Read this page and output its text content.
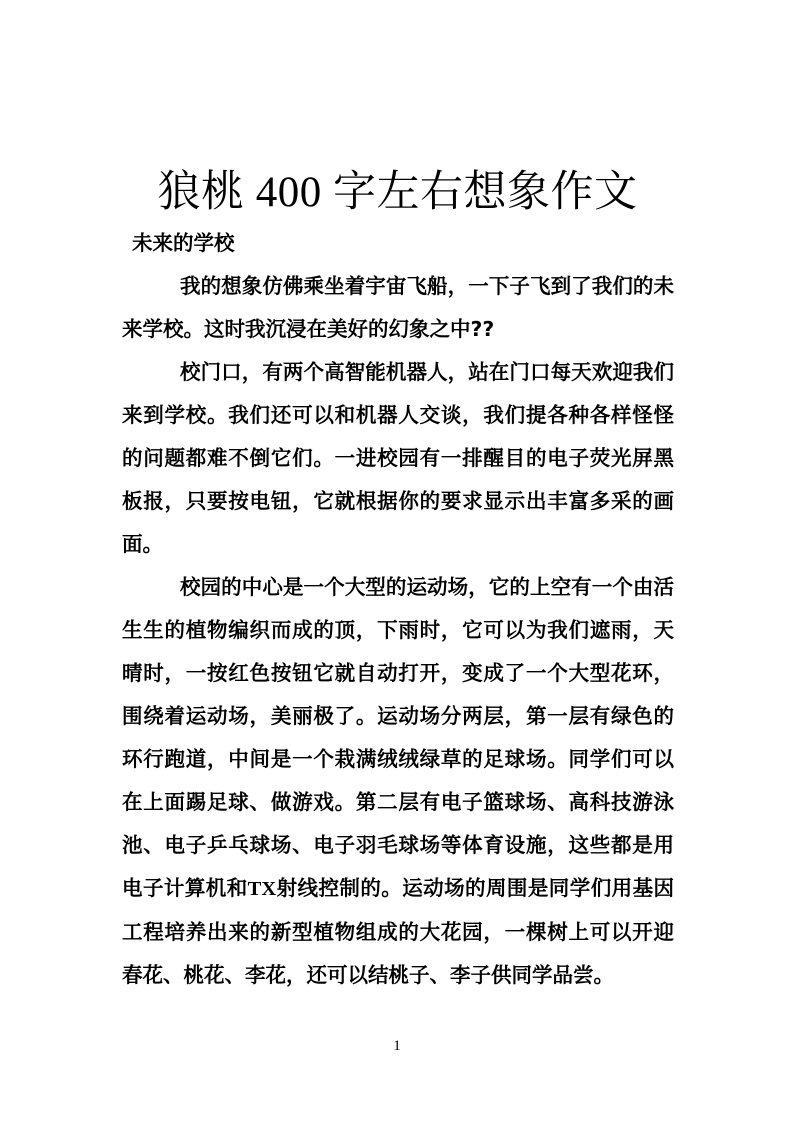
狼桃 400 字左右想象作文

未来的学校

我的想象仿佛乘坐着宇宙飞船，一下子飞到了我们的未来学校。这时我沉浸在美好的幻象之中??

校门口，有两个高智能机器人，站在门口每天欢迎我们来到学校。我们还可以和机器人交谈，我们提各种各样怪怪的问题都难不倒它们。一进校园有一排醒目的电子荧光屏黑板报，只要按电钮，它就根据你的要求显示出丰富多采的画面。

校园的中心是一个大型的运动场，它的上空有一个由活生生的植物编织而成的顶，下雨时，它可以为我们遮雨，天晴时，一按红色按钮它就自动打开，变成了一个大型花环，围绕着运动场，美丽极了。运动场分两层，第一层有绿色的环行跑道，中间是一个栽满绒绒绿草的足球场。同学们可以在上面踢足球、做游戏。第二层有电子篮球场、高科技游泳池、电子乒乓球场、电子羽毛球场等体育设施，这些都是用电子计算机和TX射线控制的。运动场的周围是同学们用基因工程培养出来的新型植物组成的大花园，一棵树上可以开迎春花、桃花、李花，还可以结桃子、李子供同学品尝。

1
